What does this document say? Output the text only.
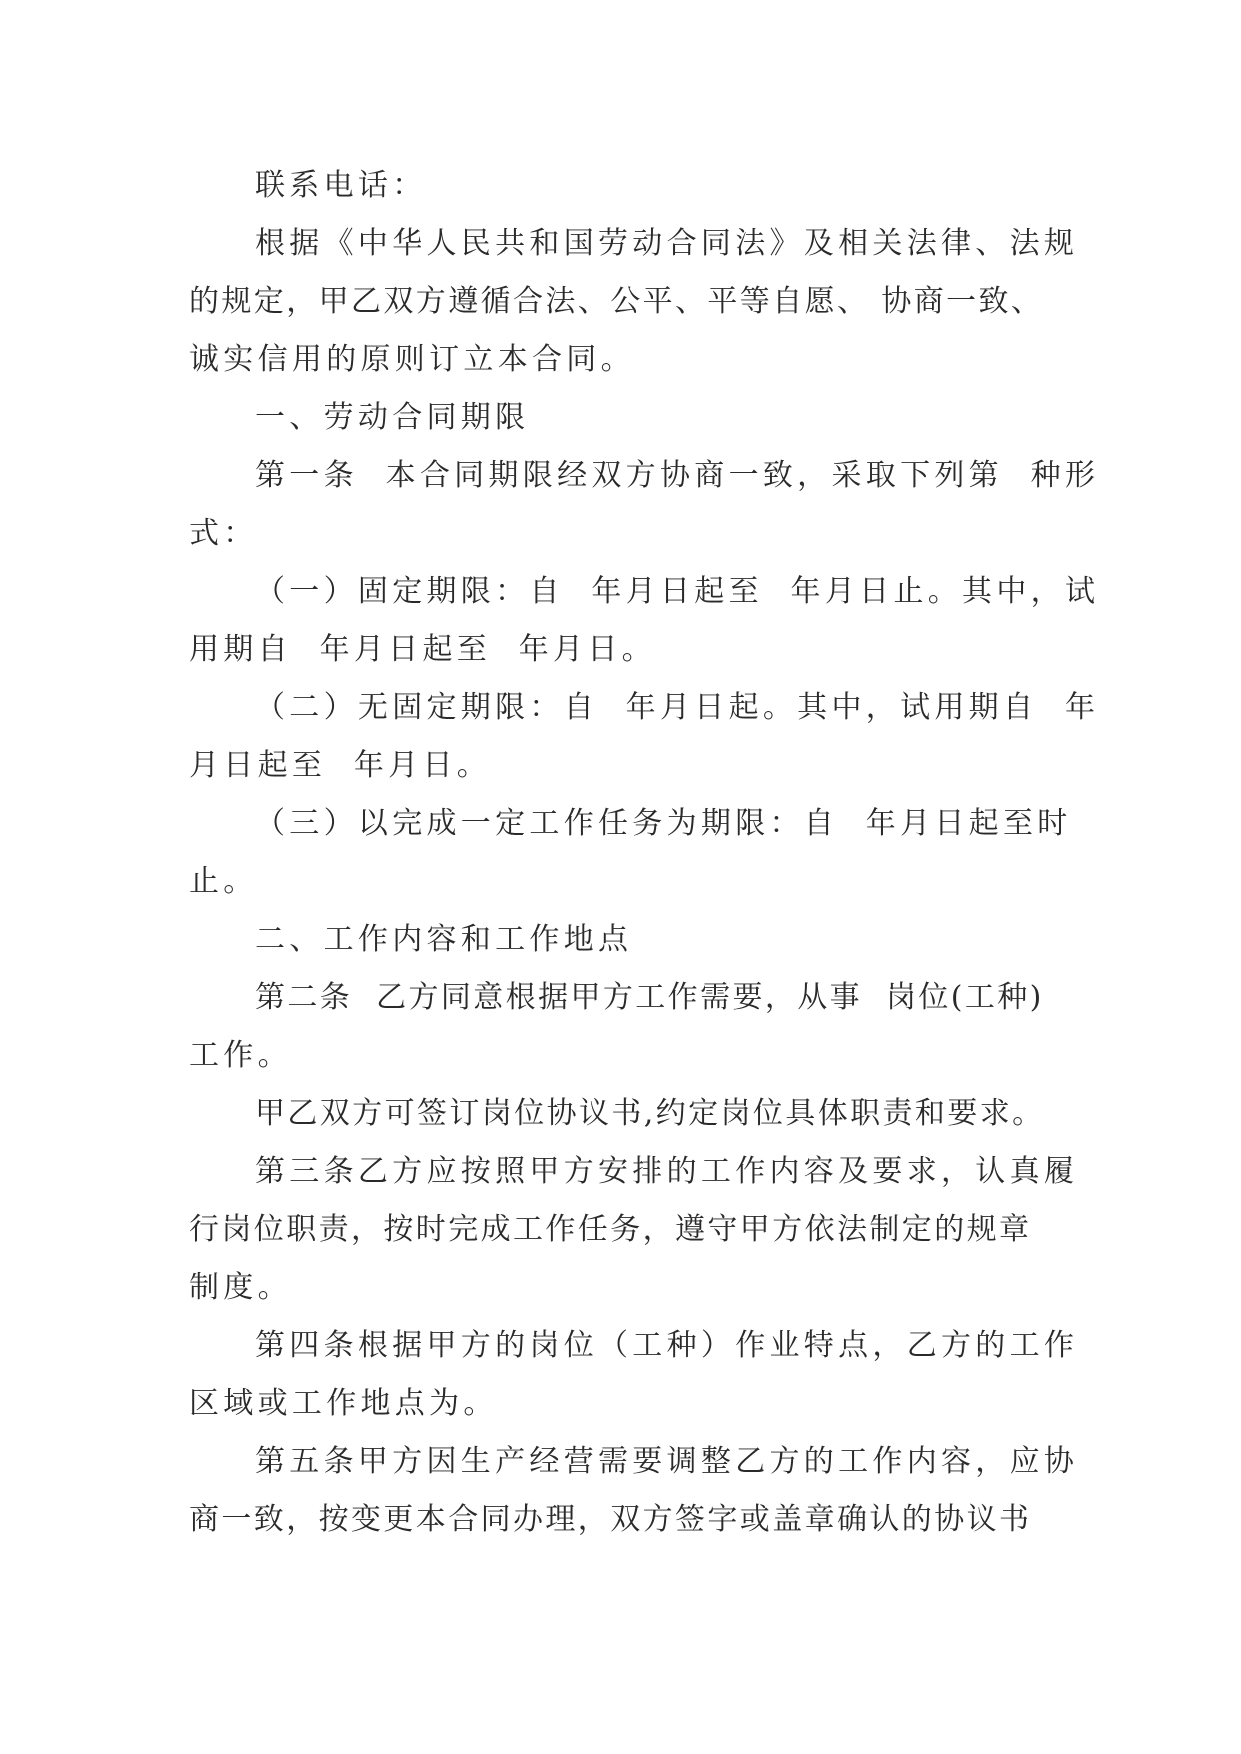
联系电话：
根据《中华人民共和国劳动合同法》及相关法律、法规
的规定，甲乙双方遵循合法、公平、平等自愿、 协商一致、
诚实信用的原则订立本合同。
一、劳动合同期限
第一条  本合同期限经双方协商一致，采取下列第  种形
式：
（一）固定期限：自  年月日起至  年月日止。其中，试
用期自  年月日起至  年月日。
（二）无固定期限：自  年月日起。其中，试用期自  年
月日起至  年月日。
（三）以完成一定工作任务为期限：自  年月日起至时
止。
二、工作内容和工作地点
第二条  乙方同意根据甲方工作需要，从事  岗位(工种)
工作。
甲乙双方可签订岗位协议书,约定岗位具体职责和要求。
第三条乙方应按照甲方安排的工作内容及要求，认真履
行岗位职责，按时完成工作任务，遵守甲方依法制定的规章
制度。
第四条根据甲方的岗位（工种）作业特点，乙方的工作
区域或工作地点为。
第五条甲方因生产经营需要调整乙方的工作内容，应协
商一致，按变更本合同办理，双方签字或盖章确认的协议书
